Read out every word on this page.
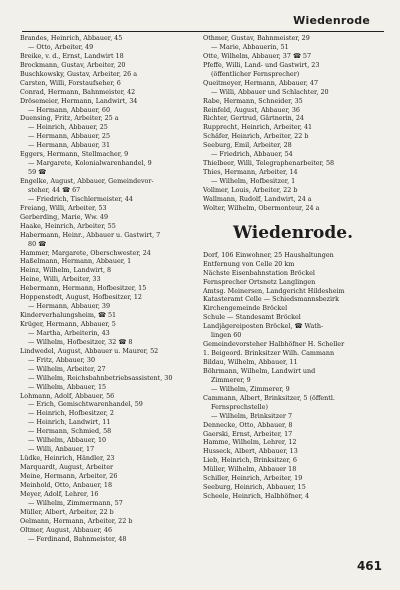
Wiedenrode
Brandes, Heinrich, Abbauer, 45
— Otto, Arbeiter, 49
Breike, v. d., Ernst, Landwirt 18
Brockmann, Gustav, Arbeiter, 20
Buschkowsky, Gustav, Arbeiter, 26 a
Carsten, Willi, Forstaufseher, 6
Conrad, Hermann, Bahnmeister, 42
Drösemeier, Hermann, Landwirt, 34
— Hermann, Abbauer, 60
Duensing, Fritz, Arbeiter, 25 a
— Heinrich, Abbauer, 25
— Hermann, Abbauer, 25
— Hermann, Abbauer, 31
Eggers, Hermann, Stellmacher, 9
— Margarete, Kolonialwarenhandel, 9
59 ☎
Engelke, August, Abbauer, Gemeindevor-
steher, 44 ☎ 67
— Friedrich, Tischlermeister, 44
Freiang, Willi, Arbeiter, 53
Gerberding, Marie, Ww. 49
Haake, Heinrich, Arbeiter, 55
Habermann, Heinr., Abbauer u. Gastwirt, 7
80 ☎
Hammer, Margarete, Oberschwester, 24
Haßelmann, Hermann, Abbauer, 1
Heinz, Wilhelm, Landwirt, 8
Heine, Willi, Arbeiter, 33
Hebermann, Hermann, Hofbesitzer, 15
Hoppenstedt, August, Hofbesitzer, 12
— Hermann, Abbauer, 39
Kinderverhalungsheim, ☎ 51
Krüger, Hermann, Abbauer, 5
— Martha, Arbeiterin, 43
— Wilhelm, Hofbesitzer, 32 ☎ 8
Lindwedel, August, Abbauer u. Maurer, 52
— Fritz, Abbauer, 30
— Wilhelm, Arbeiter, 27
— Wilhelm, Reichsbahnbetriebsassistent, 30
— Wilhelm, Abbauer, 15
Lohmann, Adolf, Abbauer, 56
— Erich, Gemischtwarenhandel, 59
— Heinrich, Hofbesitzer, 2
— Heinrich, Landwirt, 11
— Hermann, Schmied, 58
— Wilhelm, Abbauer, 10
— Willi, Anbauer, 17
Lüdke, Heinrich, Händler, 23
Marquardt, August, Arbeiter
Meine, Hermann, Arbeiter, 26
Meinhold, Otto, Anbauer, 18
Meyer, Adolf, Lehrer, 16
— Wilhelm, Zimmermann, 57
Müller, Albert, Arbeiter, 22 b
Oelmann, Hermann, Arbeiter, 22 b
Oltmer, August, Abbauer, 46
— Ferdinand, Bahnmeister, 48
Othmer, Gustav, Bahnmeister, 29
— Marie, Abbauerin, 51
Otte, Wilhelm, Abbauer, 37 ☎ 57
Pfeffe, Willi, Land- und Gastwirt, 23
(öffentlicher Fernsprecher)
Queitmeyer, Hermann, Abbauer, 47
— Willi, Abbauer und Schlachter, 20
Rabe, Hermann, Schneider, 35
Reinfeld, August, Abbauer, 36
Richter, Gertrud, Gärtnerin, 24
Rupprecht, Heinrich, Arbeiter, 41
Schäfer, Heinrich, Arbeiter, 22 b
Seeburg, Emil, Arbeiter, 28
— Friedrich, Abbauer, 54
Thielbeer, Willi, Telegraphenarbeiter, 58
Thies, Hermann, Arbeiter, 14
— Wilhelm, Hofbesitzer, 1
Vollmer, Louis, Arbeiter, 22 b
Wallmann, Rudolf, Landwirt, 24 a
Wolter, Wilhelm, Obermonteur, 24 a
Wiedenrode.
Dorf, 106 Einwohner, 25 Haushaltungen
Entfernung von Celle 20 km
Nächste Eisenbahnstation Bröckel
Fernsprecher Ortsnetz Langlingen
Amtsg. Meinersen, Landgericht Hildesheim
Katasteramt Celle — Schiedsmannsbezirk
Kirchengemeinde Bröckel
Schule — Standesamt Bröckel
Landjägereiposten Bröckel, ☎ Wath-
lingen 60
Gemeindevorsteher Halbhöfner H. Scheller
1. Beigeord. Brinksitzer Wilh. Cammann
Bildau, Wilhelm, Abbauer, 11
Böhrmann, Wilhelm, Landwirt und
Zimmerer, 9
— Wilhelm, Zimmerer, 9
Cammann, Albert, Brinksitzer, 5 (öffentl.
Fernsprechstelle)
— Wilhelm, Brinksitzer 7
Dennecke, Otto, Abbauer, 8
Gaerski, Ernst, Arbeiter, 17
Hamme, Wilhelm, Lehrer, 12
Husseck, Albert, Abbauer, 13
Lieb, Heinrich, Brinksitzer, 6
Müller, Wilhelm, Abbauer 18
Schiller, Heinrich, Arbeiter, 19
Seeburg, Heinrich, Abbauer, 15
Scheele, Heinrich, Halbhöfner, 4
461
